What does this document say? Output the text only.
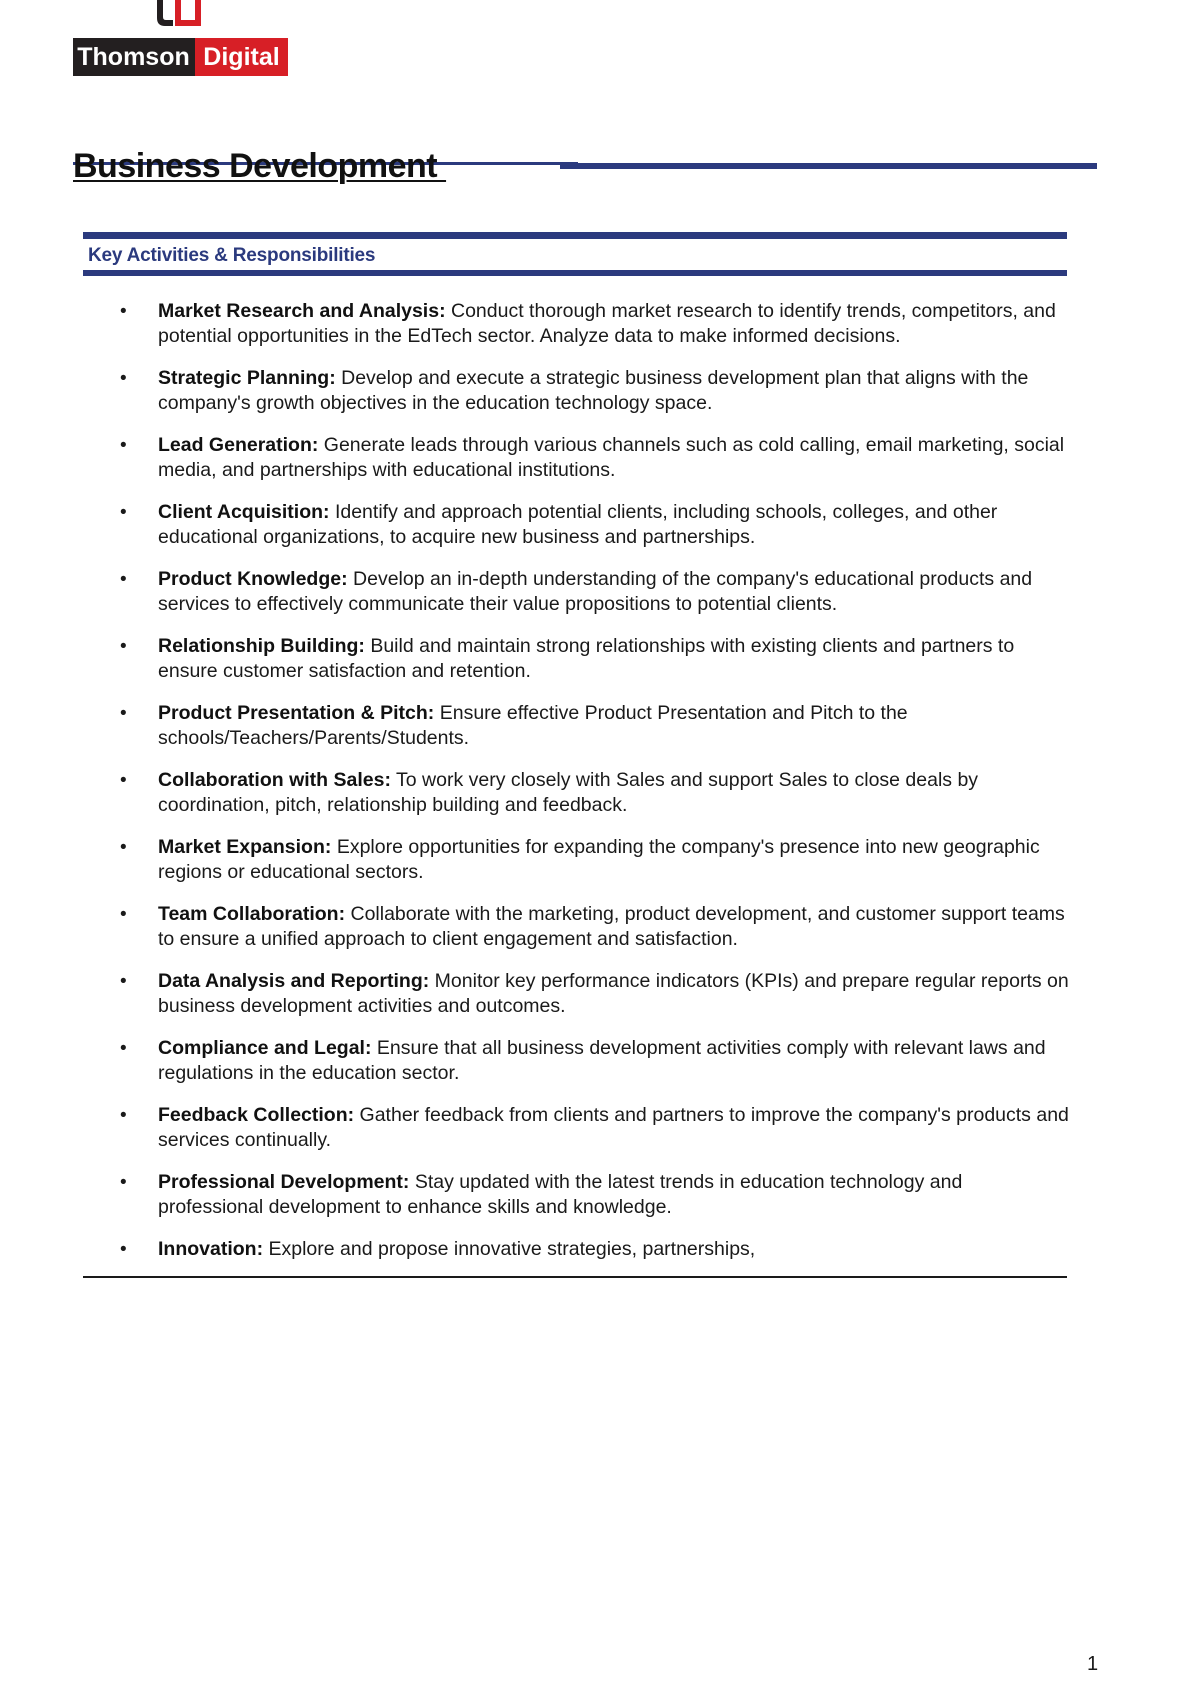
Thomson Digital
Business Development
Key Activities & Responsibilities
• Market Research and Analysis: Conduct thorough market research to identify trends, competitors, and potential opportunities in the EdTech sector. Analyze data to make informed decisions.
• Strategic Planning: Develop and execute a strategic business development plan that aligns with the company's growth objectives in the education technology space.
• Lead Generation: Generate leads through various channels such as cold calling, email marketing, social media, and partnerships with educational institutions.
• Client Acquisition: Identify and approach potential clients, including schools, colleges, and other educational organizations, to acquire new business and partnerships.
• Product Knowledge: Develop an in-depth understanding of the company's educational products and services to effectively communicate their value propositions to potential clients.
• Relationship Building: Build and maintain strong relationships with existing clients and partners to ensure customer satisfaction and retention.
• Product Presentation & Pitch: Ensure effective Product Presentation and Pitch to the schools/Teachers/Parents/Students.
• Collaboration with Sales: To work very closely with Sales and support Sales to close deals by coordination, pitch, relationship building and feedback.
• Market Expansion: Explore opportunities for expanding the company's presence into new geographic regions or educational sectors.
• Team Collaboration: Collaborate with the marketing, product development, and customer support teams to ensure a unified approach to client engagement and satisfaction.
• Data Analysis and Reporting: Monitor key performance indicators (KPIs) and prepare regular reports on business development activities and outcomes.
• Compliance and Legal: Ensure that all business development activities comply with relevant laws and regulations in the education sector.
• Feedback Collection: Gather feedback from clients and partners to improve the company's products and services continually.
• Professional Development: Stay updated with the latest trends in education technology and professional development to enhance skills and knowledge.
• Innovation: Explore and propose innovative strategies, partnerships,
1
